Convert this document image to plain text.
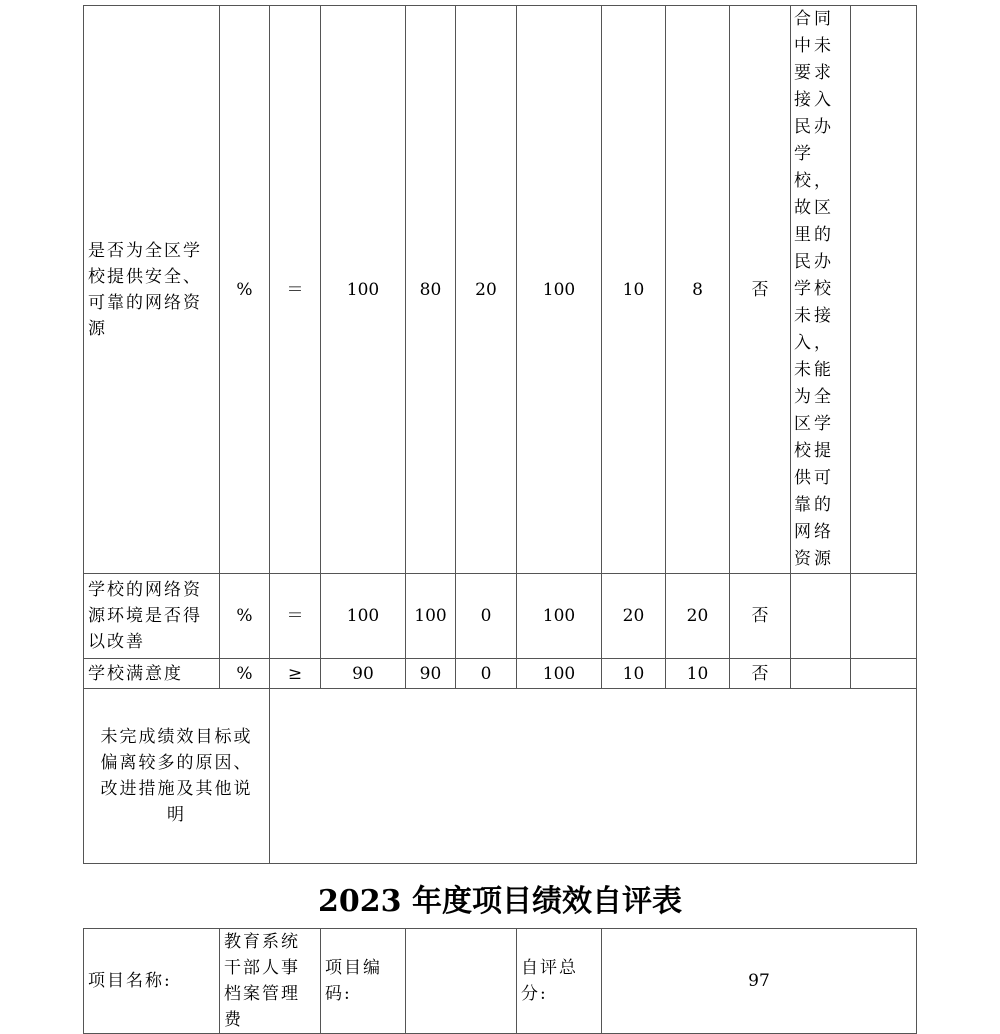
是否为全区学校提供安全、可靠的网络资源	%	＝	100	80	20	100	10	8	否	合同中未要求接入民办学校，故区里的民办学校未接入，未能为全区学校提供可靠的网络资源	

学校的网络资源环境是否得以改善	%	＝	100	100	0	100	20	20	否		
学校满意度	%	≥	90	90	0	100	10	10	否		
未完成绩效目标或偏离较多的原因、改进措施及其他说明											
2023 年度项目绩效自评表
项目名称:	教育系统干部人事档案管理费	项目编码:		自评总分:	97
